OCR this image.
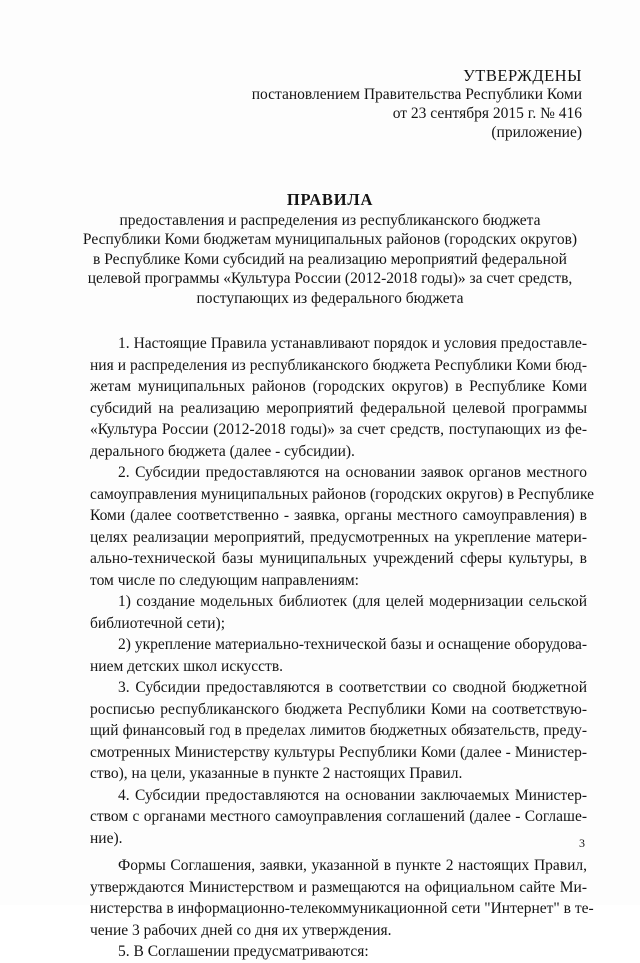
УТВЕРЖДЕНЫ
постановлением Правительства Республики Коми
от 23 сентября 2015 г. № 416
(приложение)
ПРАВИЛА
предоставления и распределения из республиканского бюджета
Республики Коми бюджетам муниципальных районов (городских округов)
в Республике Коми субсидий на реализацию мероприятий федеральной
целевой программы «Культура России (2012-2018 годы)» за счет средств,
поступающих из федерального бюджета
1. Настоящие Правила устанавливают порядок и условия предоставле-
ния и распределения из республиканского бюджета Республики Коми бюд-
жетам муниципальных районов (городских округов) в Республике Коми
субсидий на реализацию мероприятий федеральной целевой программы
«Культура России (2012-2018 годы)» за счет средств, поступающих из фе-
дерального бюджета (далее - субсидии).
2. Субсидии предоставляются на основании заявок органов местного
самоуправления муниципальных районов (городских округов) в Республике
Коми (далее соответственно - заявка, органы местного самоуправления) в
целях реализации мероприятий, предусмотренных на укрепление матери-
ально-технической базы муниципальных учреждений сферы культуры, в
том числе по следующим направлениям:
1) создание модельных библиотек (для целей модернизации сельской
библиотечной сети);
2) укрепление материально-технической базы и оснащение оборудова-
нием детских школ искусств.
3. Субсидии предоставляются в соответствии со сводной бюджетной
росписью республиканского бюджета Республики Коми на соответствую-
щий финансовый год в пределах лимитов бюджетных обязательств, преду-
смотренных Министерству культуры Республики Коми (далее - Министер-
ство), на цели, указанные в пункте 2 настоящих Правил.
4. Субсидии предоставляются на основании заключаемых Министер-
ством с органами местного самоуправления соглашений (далее - Соглаше-
ние).
Формы Соглашения, заявки, указанной в пункте 2 настоящих Правил,
утверждаются Министерством и размещаются на официальном сайте Ми-
нистерства в информационно-телекоммуникационной сети "Интернет" в те-
чение 3 рабочих дней со дня их утверждения.
5. В Соглашении предусматриваются:
3
